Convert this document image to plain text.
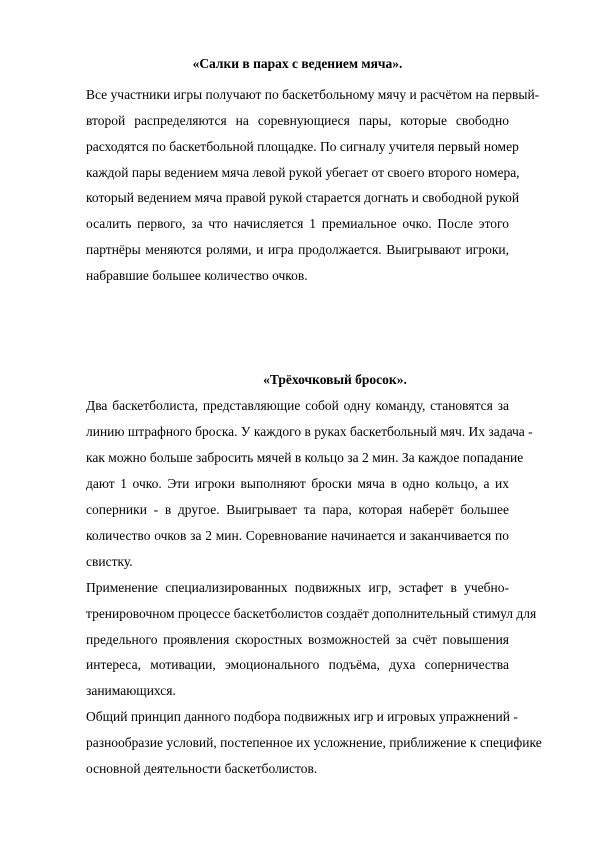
«Салки в парах с ведением мяча».

Все участники игры получают по баскетбольному мячу и расчётом на первый-

второй распределяются на соревнующиеся пары, которые свободно

расходятся по баскетбольной площадке. По сигналу учителя первый номер

каждой пары ведением мяча левой рукой убегает от своего второго номера,

который ведением мяча правой рукой старается догнать и свободной рукой

осалить первого, за что начисляется 1 премиальное очко. После этого

партнёры меняются ролями, и игра продолжается. Выигрывают игроки,

набравшие большее количество очков.

«Трёхочковый бросок».

Два баскетболиста, представляющие собой одну команду, становятся за

линию штрафного броска. У каждого в руках баскетбольный мяч. Их задача -

как можно больше забросить мячей в кольцо за 2 мин. За каждое попадание

дают 1 очко. Эти игроки выполняют броски мяча в одно кольцо, а их

соперники - в другое. Выигрывает та пара, которая наберёт большее

количество очков за 2 мин. Соревнование начинается и заканчивается по

свистку.

Применение специализированных подвижных игр, эстафет в учебно-

тренировочном процессе баскетболистов создаёт дополнительный стимул для

предельного проявления скоростных возможностей за счёт повышения

интереса, мотивации, эмоционального подъёма, духа соперничества

занимающихся.

Общий принцип данного подбора подвижных игр и игровых упражнений -

разнообразие условий, постепенное их усложнение, приближение к специфике

основной деятельности баскетболистов.
